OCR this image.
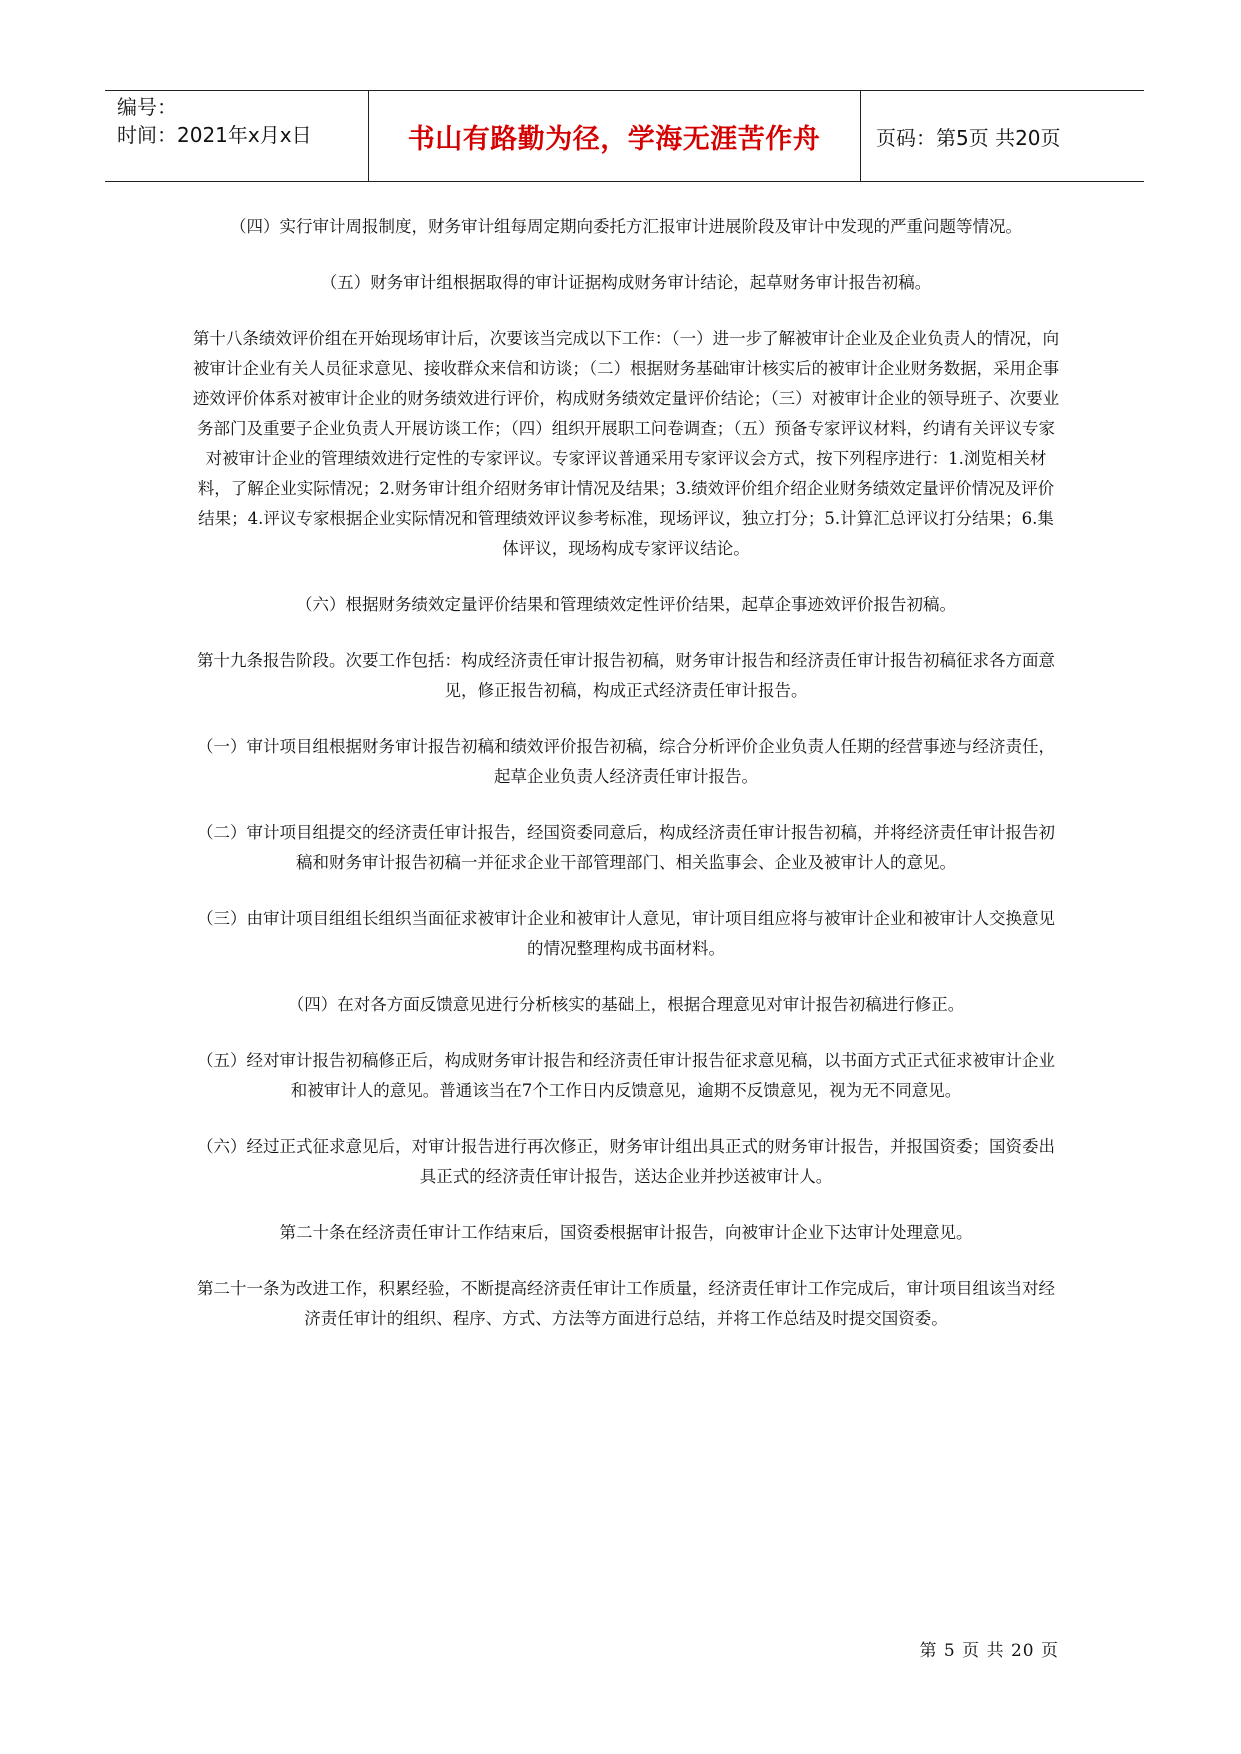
编号：
时间：2021年x月x日	书山有路勤为径，学海无涯苦作舟	页码：第5页 共20页

（四）实行审计周报制度，财务审计组每周定期向委托方汇报审计进展阶段及审计中发现的严重问题等情况。

（五）财务审计组根据取得的审计证据构成财务审计结论，起草财务审计报告初稿。

第十八条绩效评价组在开始现场审计后，次要该当完成以下工作：（一）进一步了解被审计企业及企业负责人的情况，向被审计企业有关人员征求意见、接收群众来信和访谈；（二）根据财务基础审计核实后的被审计企业财务数据，采用企事迹效评价体系对被审计企业的财务绩效进行评价，构成财务绩效定量评价结论；（三）对被审计企业的领导班子、次要业务部门及重要子企业负责人开展访谈工作；（四）组织开展职工问卷调查；（五）预备专家评议材料，约请有关评议专家对被审计企业的管理绩效进行定性的专家评议。专家评议普通采用专家评议会方式，按下列程序进行：1.浏览相关材料，了解企业实际情况；2.财务审计组介绍财务审计情况及结果；3.绩效评价组介绍企业财务绩效定量评价情况及评价结果；4.评议专家根据企业实际情况和管理绩效评议参考标准，现场评议，独立打分；5.计算汇总评议打分结果；6.集体评议，现场构成专家评议结论。

（六）根据财务绩效定量评价结果和管理绩效定性评价结果，起草企事迹效评价报告初稿。

第十九条报告阶段。次要工作包括：构成经济责任审计报告初稿，财务审计报告和经济责任审计报告初稿征求各方面意见，修正报告初稿，构成正式经济责任审计报告。

（一）审计项目组根据财务审计报告初稿和绩效评价报告初稿，综合分析评价企业负责人任期的经营事迹与经济责任，起草企业负责人经济责任审计报告。

（二）审计项目组提交的经济责任审计报告，经国资委同意后，构成经济责任审计报告初稿，并将经济责任审计报告初稿和财务审计报告初稿一并征求企业干部管理部门、相关监事会、企业及被审计人的意见。

（三）由审计项目组组长组织当面征求被审计企业和被审计人意见，审计项目组应将与被审计企业和被审计人交换意见的情况整理构成书面材料。

（四）在对各方面反馈意见进行分析核实的基础上，根据合理意见对审计报告初稿进行修正。

（五）经对审计报告初稿修正后，构成财务审计报告和经济责任审计报告征求意见稿，以书面方式正式征求被审计企业和被审计人的意见。普通该当在7个工作日内反馈意见，逾期不反馈意见，视为无不同意见。

（六）经过正式征求意见后，对审计报告进行再次修正，财务审计组出具正式的财务审计报告，并报国资委；国资委出具正式的经济责任审计报告，送达企业并抄送被审计人。

第二十条在经济责任审计工作结束后，国资委根据审计报告，向被审计企业下达审计处理意见。

第二十一条为改进工作，积累经验，不断提高经济责任审计工作质量，经济责任审计工作完成后，审计项目组该当对经济责任审计的组织、程序、方式、方法等方面进行总结，并将工作总结及时提交国资委。

第 5 页 共 20 页
